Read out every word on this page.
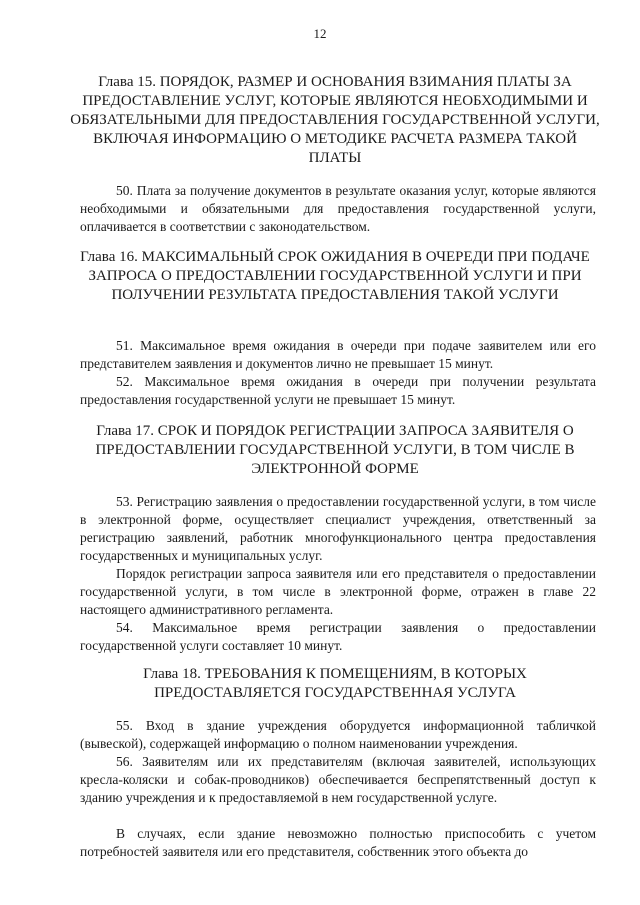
12
Глава 15. ПОРЯДОК, РАЗМЕР И ОСНОВАНИЯ ВЗИМАНИЯ ПЛАТЫ ЗА ПРЕДОСТАВЛЕНИЕ УСЛУГ, КОТОРЫЕ ЯВЛЯЮТСЯ НЕОБХОДИМЫМИ И ОБЯЗАТЕЛЬНЫМИ ДЛЯ ПРЕДОСТАВЛЕНИЯ ГОСУДАРСТВЕННОЙ УСЛУГИ, ВКЛЮЧАЯ ИНФОРМАЦИЮ О МЕТОДИКЕ РАСЧЕТА РАЗМЕРА ТАКОЙ ПЛАТЫ
50. Плата за получение документов в результате оказания услуг, которые являются необходимыми и обязательными для предоставления государственной услуги, оплачивается в соответствии с законодательством.
Глава 16. МАКСИМАЛЬНЫЙ СРОК ОЖИДАНИЯ В ОЧЕРЕДИ ПРИ ПОДАЧЕ ЗАПРОСА О ПРЕДОСТАВЛЕНИИ ГОСУДАРСТВЕННОЙ УСЛУГИ И ПРИ ПОЛУЧЕНИИ РЕЗУЛЬТАТА ПРЕДОСТАВЛЕНИЯ ТАКОЙ УСЛУГИ
51. Максимальное время ожидания в очереди при подаче заявителем или его представителем заявления и документов лично не превышает 15 минут.
52. Максимальное время ожидания в очереди при получении результата предоставления государственной услуги не превышает 15 минут.
Глава 17. СРОК И ПОРЯДОК РЕГИСТРАЦИИ ЗАПРОСА ЗАЯВИТЕЛЯ О ПРЕДОСТАВЛЕНИИ ГОСУДАРСТВЕННОЙ УСЛУГИ, В ТОМ ЧИСЛЕ В ЭЛЕКТРОННОЙ ФОРМЕ
53. Регистрацию заявления о предоставлении государственной услуги, в том числе в электронной форме, осуществляет специалист учреждения, ответственный за регистрацию заявлений, работник многофункционального центра предоставления государственных и муниципальных услуг.
Порядок регистрации запроса заявителя или его представителя о предоставлении государственной услуги, в том числе в электронной форме, отражен в главе 22 настоящего административного регламента.
54. Максимальное время регистрации заявления о предоставлении государственной услуги составляет 10 минут.
Глава 18. ТРЕБОВАНИЯ К ПОМЕЩЕНИЯМ, В КОТОРЫХ ПРЕДОСТАВЛЯЕТСЯ ГОСУДАРСТВЕННАЯ УСЛУГА
55. Вход в здание учреждения оборудуется информационной табличкой (вывеской), содержащей информацию о полном наименовании учреждения.
56. Заявителям или их представителям (включая заявителей, использующих кресла-коляски и собак-проводников) обеспечивается беспрепятственный доступ к зданию учреждения и к предоставляемой в нем государственной услуге.
В случаях, если здание невозможно полностью приспособить с учетом потребностей заявителя или его представителя, собственник этого объекта до
